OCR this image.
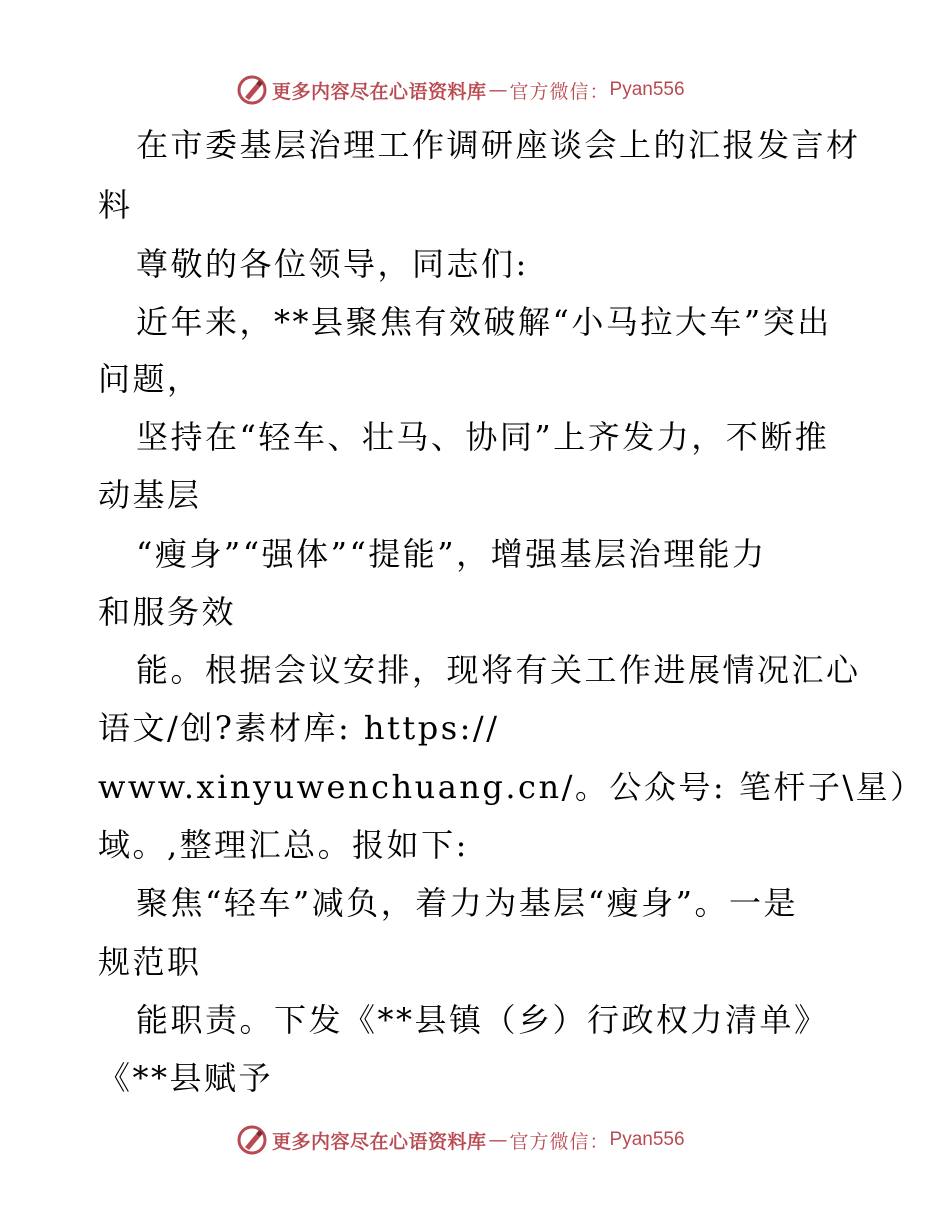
更多内容尽在心语资料库 — 官方微信： Pyan556
在市委基层治理工作调研座谈会上的汇报发言材
料
尊敬的各位领导，同志们:
近年来，**县聚焦有效破解“小马拉大车”突出
问题，
坚持在“轻车、壮马、协同”上齐发力，不断推
动基层
“瘦身”“强体”“提能”，增强基层治理能力
和服务效
能。根据会议安排，现将有关工作进展情况汇心
语文/创?素材库: https://
www.xinyuwenchuang.cn/。公众号: 笔杆子\星）
域。,整理汇总。报如下:
聚焦“轻车”减负，着力为基层“瘦身”。一是
规范职
能职责。下发《**县镇（乡）行政权力清单》
《**县赋予
更多内容尽在心语资料库 — 官方微信： Pyan556
